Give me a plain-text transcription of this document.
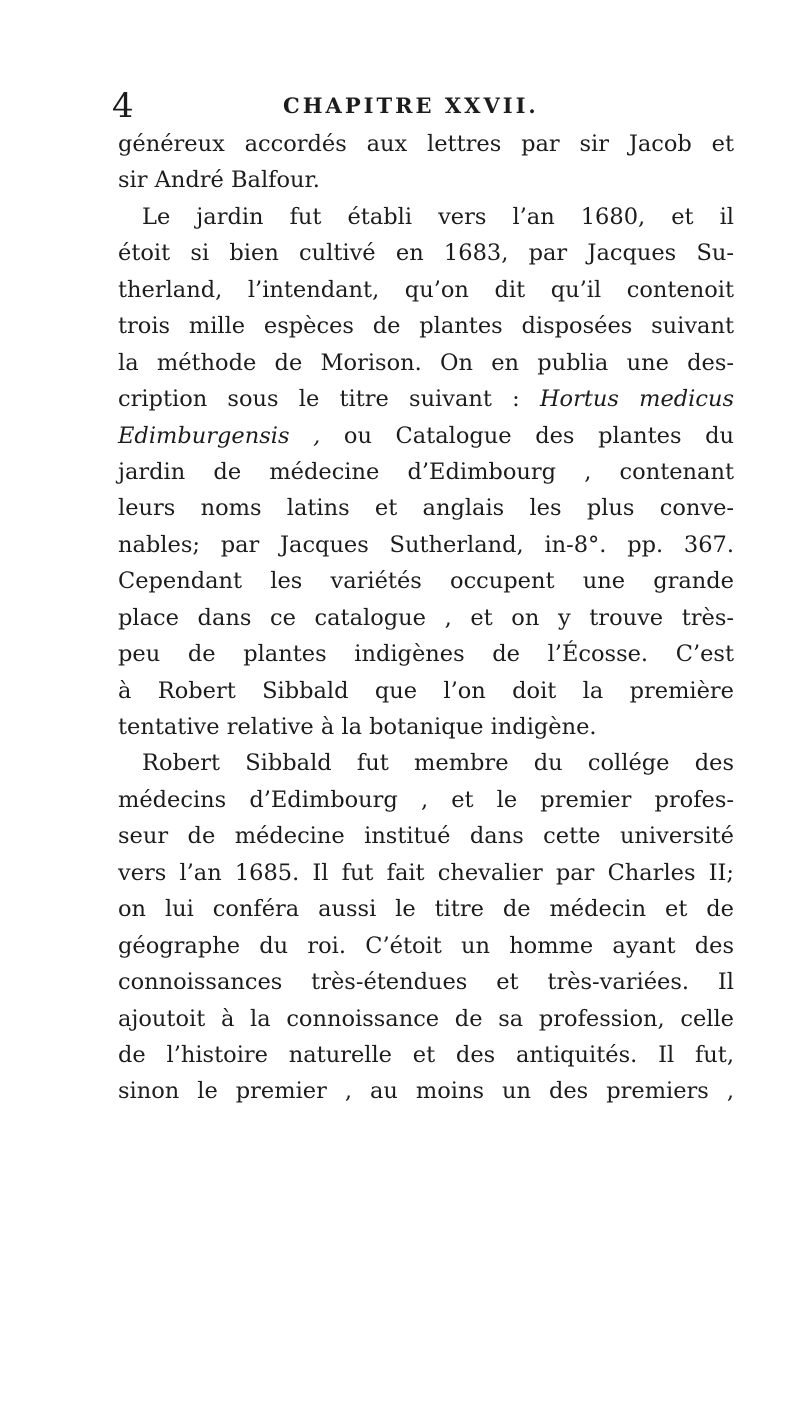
4	CHAPITRE XXVII.
généreux accordés aux lettres par sir Jacob et
sir André Balfour.
Le jardin fut établi vers l’an 1680, et il
étoit si bien cultivé en 1683, par Jacques Su-
therland, l’intendant, qu’on dit qu’il contenoit
trois mille espèces de plantes disposées suivant
la méthode de Morison. On en publia une des-
cription sous le titre suivant : Hortus medicus
Edimburgensis , ou Catalogue des plantes du
jardin de médecine d’Edimbourg , contenant
leurs noms latins et anglais les plus conve-
nables; par Jacques Sutherland, in-8°. pp. 367.
Cependant les variétés occupent une grande
place dans ce catalogue , et on y trouve très-
peu de plantes indigènes de l’Écosse. C’est
à Robert Sibbald que l’on doit la première
tentative relative à la botanique indigène.
Robert Sibbald fut membre du collége des
médecins d’Edimbourg , et le premier profes-
seur de médecine institué dans cette université
vers l’an 1685. Il fut fait chevalier par Charles II;
on lui conféra aussi le titre de médecin et de
géographe du roi. C’étoit un homme ayant des
connoissances très-étendues et très-variées. Il
ajoutoit à la connoissance de sa profession, celle
de l’histoire naturelle et des antiquités. Il fut,
sinon le premier , au moins un des premiers ,
